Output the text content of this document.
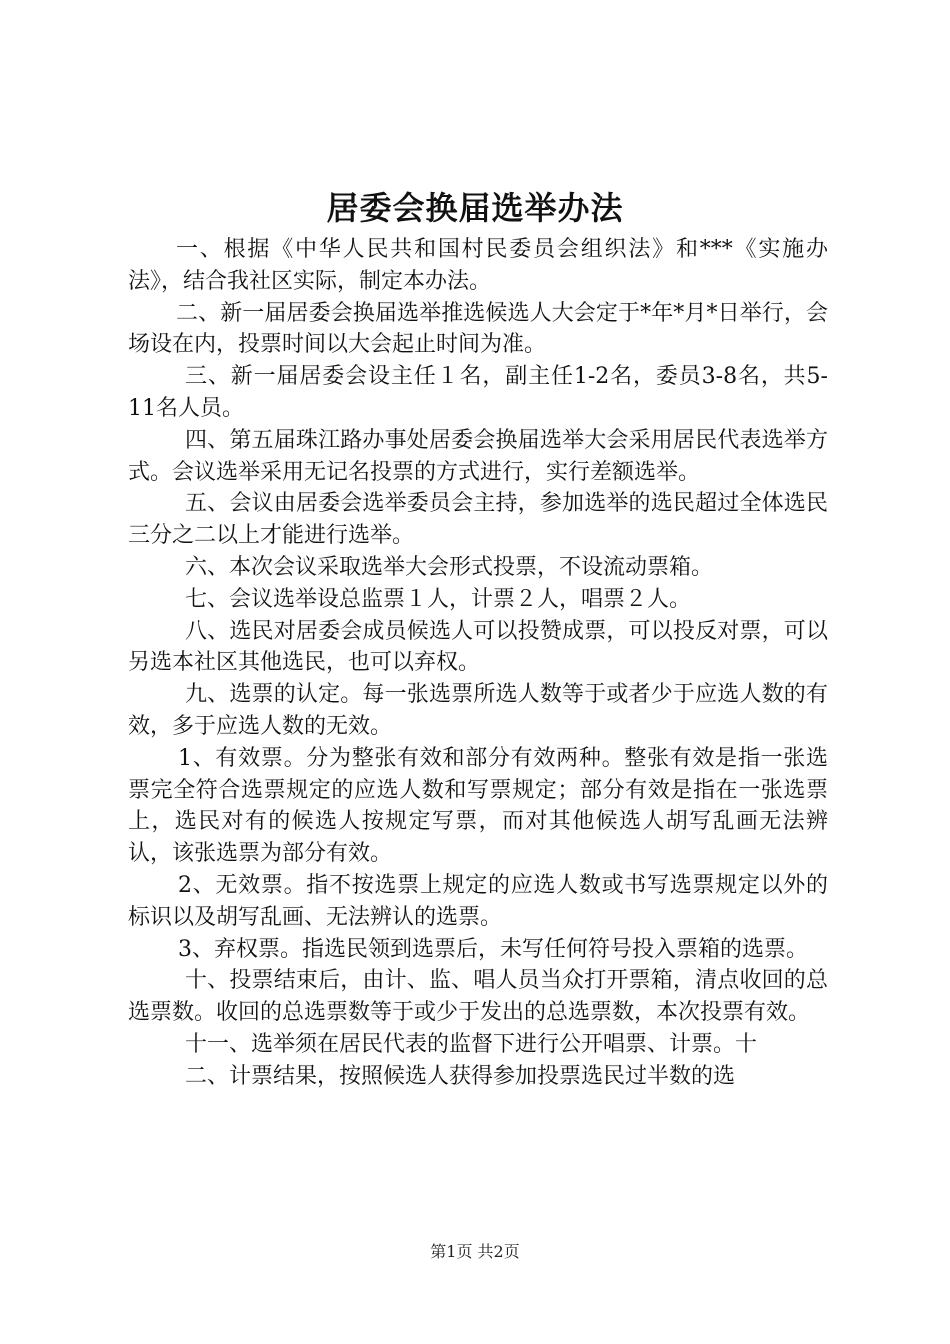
居委会换届选举办法

一、根据《中华人民共和国村民委员会组织法》和***《实施办法》，结合我社区实际，制定本办法。

二、新一届居委会换届选举推选候选人大会定于*年*月*日举行，会场设在内，投票时间以大会起止时间为准。

三、新一届居委会设主任１名，副主任1-2名，委员3-8名，共5-11名人员。

四、第五届珠江路办事处居委会换届选举大会采用居民代表选举方式。会议选举采用无记名投票的方式进行，实行差额选举。

五、会议由居委会选举委员会主持，参加选举的选民超过全体选民三分之二以上才能进行选举。

六、本次会议采取选举大会形式投票，不设流动票箱。

七、会议选举设总监票１人，计票２人，唱票２人。

八、选民对居委会成员候选人可以投赞成票，可以投反对票，可以另选本社区其他选民，也可以弃权。

九、选票的认定。每一张选票所选人数等于或者少于应选人数的有效，多于应选人数的无效。

1、有效票。分为整张有效和部分有效两种。整张有效是指一张选票完全符合选票规定的应选人数和写票规定；部分有效是指在一张选票上，选民对有的候选人按规定写票，而对其他候选人胡写乱画无法辨认，该张选票为部分有效。

2、无效票。指不按选票上规定的应选人数或书写选票规定以外的标识以及胡写乱画、无法辨认的选票。

3、弃权票。指选民领到选票后，未写任何符号投入票箱的选票。

十、投票结束后，由计、监、唱人员当众打开票箱，清点收回的总选票数。收回的总选票数等于或少于发出的总选票数，本次投票有效。

十一、选举须在居民代表的监督下进行公开唱票、计票。十

二、计票结果，按照候选人获得参加投票选民过半数的选

第1页 共2页
